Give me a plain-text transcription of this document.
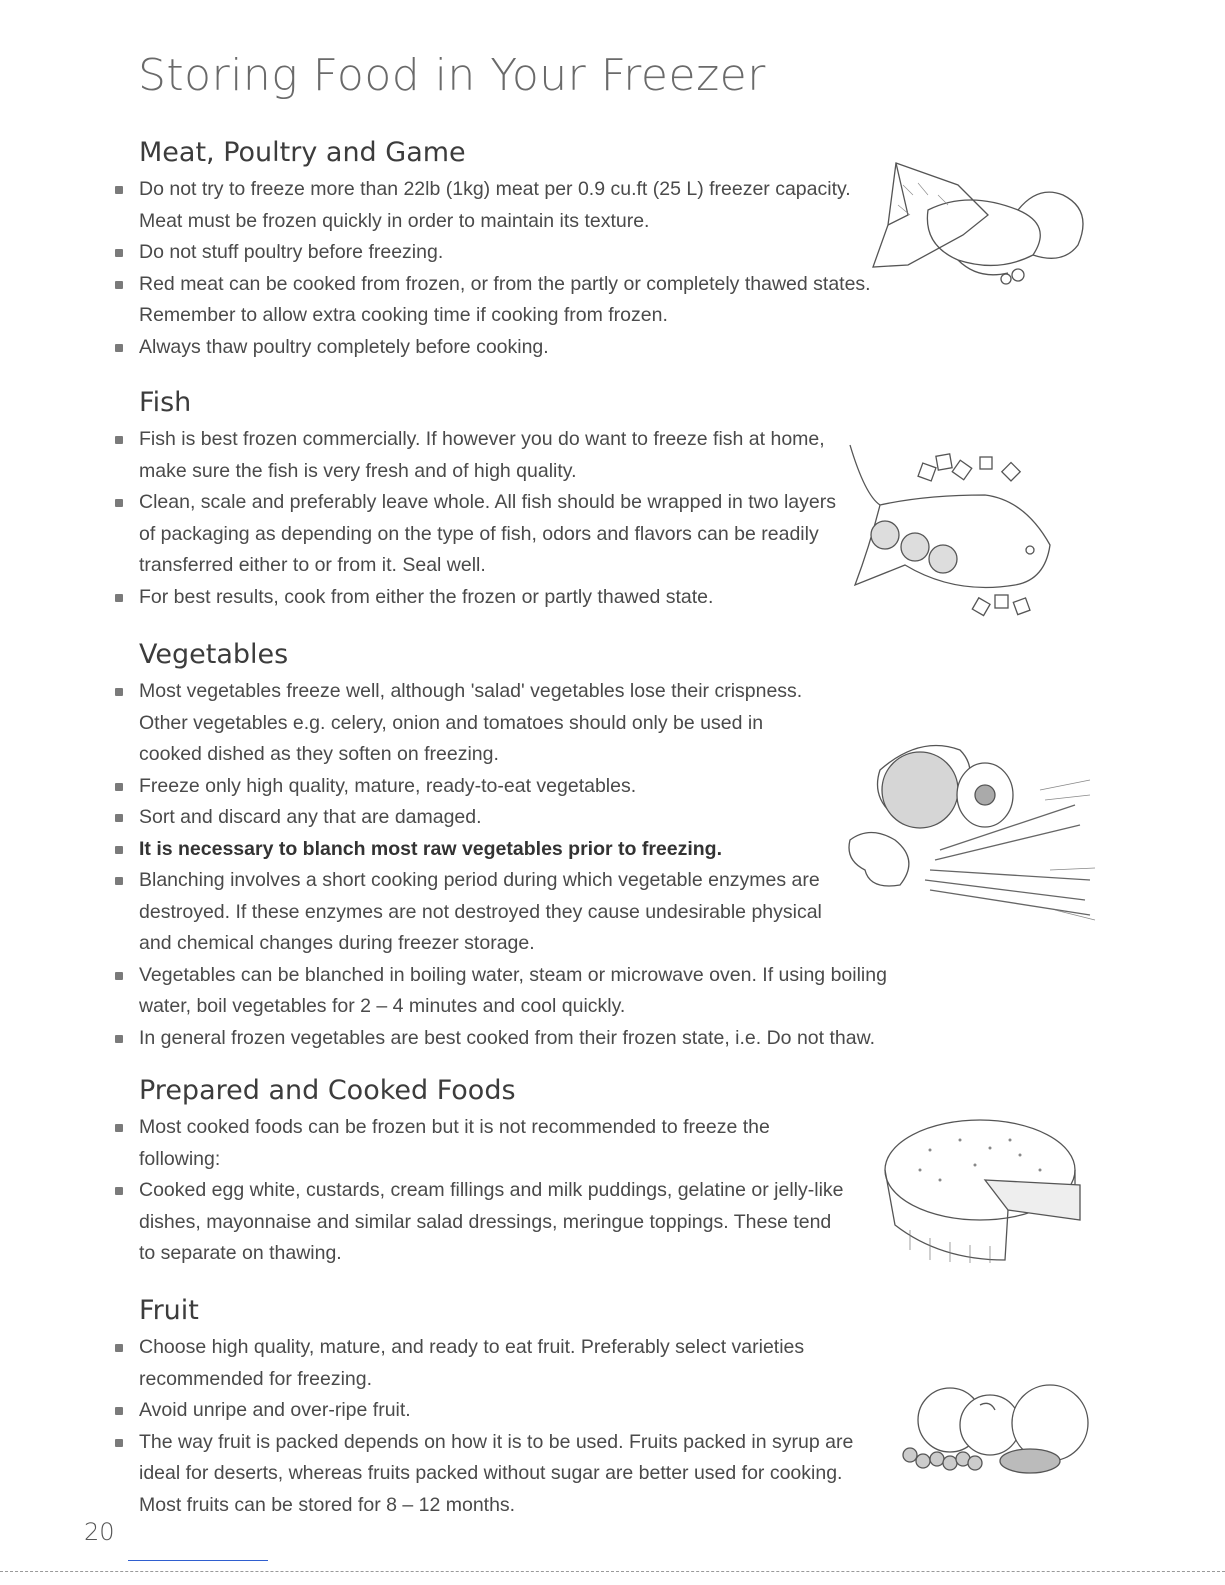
Storing Food in Your Freezer
Meat, Poultry and Game
Do not try to freeze more than 22lb (1kg) meat per 0.9 cu.ft (25 L) freezer capacity. Meat must be frozen quickly in order to maintain its texture.
Do not stuff poultry before freezing.
Red meat can be cooked from frozen, or from the partly or completely thawed states. Remember to allow extra cooking time if cooking from frozen.
Always thaw poultry completely before cooking.
Fish
Fish is best frozen commercially. If however you do want to freeze fish at home, make sure the fish is very fresh and of high quality.
Clean, scale and preferably leave whole. All fish should be wrapped in two layers of packaging as depending on the type of fish, odors and flavors can be readily transferred either to or from it. Seal well.
For best results, cook from either the frozen or partly thawed state.
Vegetables
Most vegetables freeze well, although 'salad' vegetables lose their crispness. Other vegetables e.g. celery, onion and tomatoes should only be used in cooked dished as they soften on freezing.
Freeze only high quality, mature, ready-to-eat vegetables.
Sort and discard any that are damaged.
It is necessary to blanch most raw vegetables prior to freezing.
Blanching involves a short cooking period during which vegetable enzymes are destroyed. If these enzymes are not destroyed they cause undesirable physical and chemical changes during freezer storage.
Vegetables can be blanched in boiling water, steam or microwave oven. If using boiling water, boil vegetables for 2 – 4 minutes and cool quickly.
In general frozen vegetables are best cooked from their frozen state, i.e. Do not thaw.
Prepared and Cooked Foods
Most cooked foods can be frozen but it is not recommended to freeze the following:
Cooked egg white, custards, cream fillings and milk puddings, gelatine or jelly-like dishes, mayonnaise and similar salad dressings, meringue toppings. These tend to separate on thawing.
Fruit
Choose high quality, mature, and ready to eat fruit. Preferably select varieties recommended for freezing.
Avoid unripe and over-ripe fruit.
The way fruit is packed depends on how it is to be used. Fruits packed in syrup are ideal for deserts, whereas fruits packed without sugar are better used for cooking. Most fruits can be stored for 8 – 12 months.
20
